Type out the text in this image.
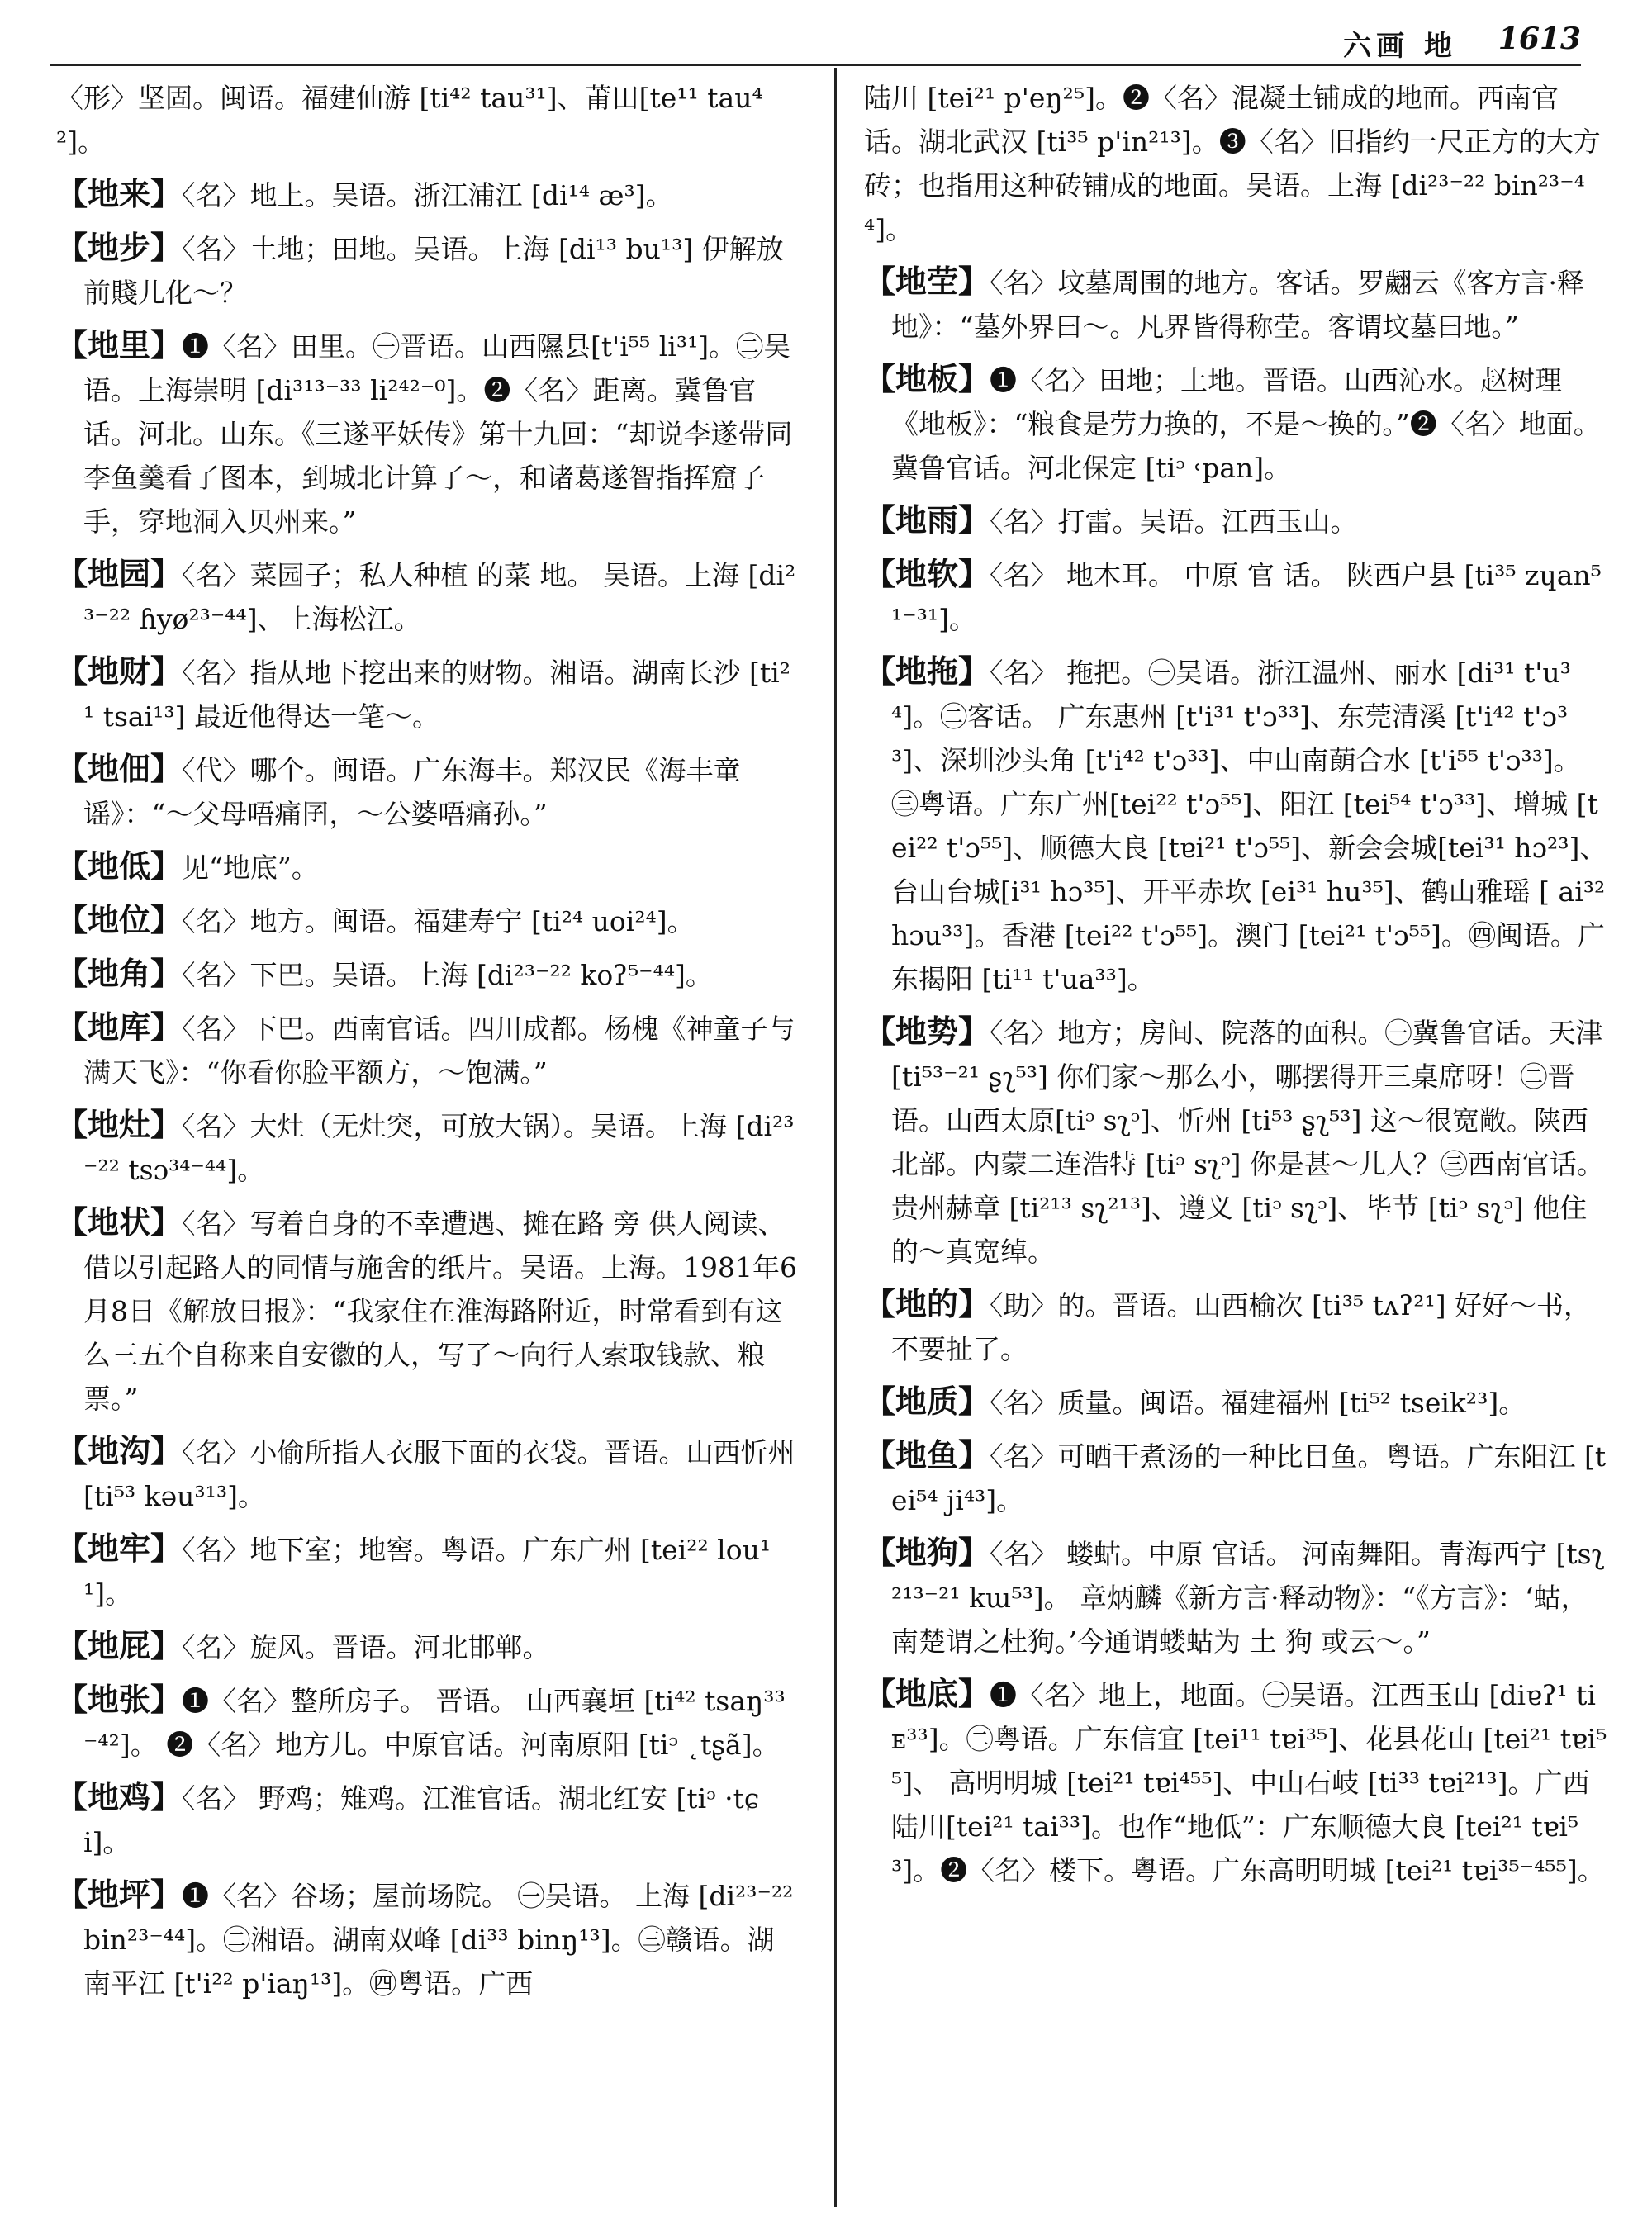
六画 地 1613
〈形〉坚固。闽语。福建仙游 [ti⁴² tau³¹]、莆田[te¹¹ tau⁴²]。
【地来】〈名〉地上。吴语。浙江浦江 [di¹⁴ æ³]。
【地步】〈名〉土地；田地。吴语。上海 [di¹³ bu¹³] 伊解放前賤儿化～？
【地里】❶〈名〉田里。㊀晋语。山西隰县[t'i⁵⁵ li³¹]。㊁吴语。上海崇明 [di³¹³⁻³³ li²⁴²⁻⁰]。❷〈名〉距离。冀鲁官话。河北。山东。《三遂平妖传》第十九回：“却说李遂带同李鱼羹看了图本，到城北计算了～，和诸葛遂智指挥窟子手，穿地洞入贝州来。”
【地园】〈名〉菜园子；私人种植 的菜 地。 吴语。上海 [di²³⁻²² ɦyø²³⁻⁴⁴]、上海松江。
【地财】〈名〉指从地下挖出来的财物。湘语。湖南长沙 [ti²¹ tsai¹³] 最近他得达一笔～。
【地佃】〈代〉哪个。闽语。广东海丰。郑汉民《海丰童谣》：“～父母唔痛囝，～公婆唔痛孙。”
【地低】见“地底”。
【地位】〈名〉地方。闽语。福建寿宁 [ti²⁴ uoi²⁴]。
【地角】〈名〉下巴。吴语。上海 [di²³⁻²² koʔ⁵⁻⁴⁴]。
【地库】〈名〉下巴。西南官话。四川成都。杨槐《神童子与满天飞》：“你看你脸平额方，～饱满。”
【地灶】〈名〉大灶（无灶突，可放大锅）。吴语。上海 [di²³⁻²² tsɔ³⁴⁻⁴⁴]。
【地状】〈名〉写着自身的不幸遭遇、摊在路 旁 供人阅读、借以引起路人的同情与施舍的纸片。吴语。上海。1981年6月8日《解放日报》：“我家住在淮海路附近，时常看到有这么三五个自称来自安徽的人，写了～向行人索取钱款、粮票。”
【地沟】〈名〉小偷所指人衣服下面的衣袋。晋语。山西忻州 [ti⁵³ kəu³¹³]。
【地牢】〈名〉地下室；地窖。粤语。广东广州 [tei²² lou¹¹]。
【地屁】〈名〉旋风。晋语。河北邯郸。
【地张】❶〈名〉整所房子。 晋语。 山西襄垣 [ti⁴² tsaŋ³³⁻⁴²]。 ❷〈名〉地方儿。中原官话。河南原阳 [tiᵓ ˛tʂã]。
【地鸡】〈名〉 野鸡；雉鸡。江淮官话。湖北红安 [tiᵓ ·tɕi]。
【地坪】❶〈名〉谷场；屋前场院。 ㊀吴语。 上海 [di²³⁻²² bin²³⁻⁴⁴]。㊁湘语。湖南双峰 [di³³ binŋ¹³]。㊂赣语。湖南平江 [t'i²² p'iaŋ¹³]。㊃粤语。广西
陆川 [tei²¹ p'eŋ²⁵]。❷〈名〉混凝土铺成的地面。西南官话。湖北武汉 [ti³⁵ p'in²¹³]。❸〈名〉旧指约一尺正方的大方砖；也指用这种砖铺成的地面。吴语。上海 [di²³⁻²² bin²³⁻⁴⁴]。
【地茔】〈名〉坟墓周围的地方。客话。罗翽云《客方言·释地》：“墓外界曰～。凡界皆得称茔。客谓坟墓曰地。”
【地板】❶〈名〉田地；土地。晋语。山西沁水。赵树理《地板》：“粮食是劳力换的，不是～换的。”❷〈名〉地面。冀鲁官话。河北保定 [tiᵓ ˓pan]。
【地雨】〈名〉打雷。吴语。江西玉山。
【地软】〈名〉 地木耳。 中原 官 话。 陕西户县 [ti³⁵ zɥan⁵¹⁻³¹]。
【地拖】〈名〉 拖把。㊀吴语。浙江温州、丽水 [di³¹ t'u³⁴]。㊁客话。 广东惠州 [t'i³¹ t'ɔ³³]、东莞清溪 [t'i⁴² t'ɔ³³]、深圳沙头角 [t'i⁴² t'ɔ³³]、中山南蓢合水 [t'i⁵⁵ t'ɔ³³]。㊂粤语。广东广州[tei²² t'ɔ⁵⁵]、阳江 [tei⁵⁴ t'ɔ³³]、增城 [tei²² t'ɔ⁵⁵]、顺德大良 [tɐi²¹ t'ɔ⁵⁵]、新会会城[tei³¹ hɔ²³]、台山台城[i³¹ hɔ³⁵]、开平赤坎 [ei³¹ hu³⁵]、鹤山雅瑶 [ ai³² hɔu³³]。香港 [tei²² t'ɔ⁵⁵]。澳门 [tei²¹ t'ɔ⁵⁵]。㊃闽语。广东揭阳 [ti¹¹ t'ua³³]。
【地势】〈名〉地方；房间、院落的面积。㊀冀鲁官话。天津 [ti⁵³⁻²¹ ʂʅ⁵³] 你们家～那么小，哪摆得开三桌席呀！㊁晋语。山西太原[tiᵓ sʅᵓ]、忻州 [ti⁵³ ʂʅ⁵³] 这～很宽敞。陕西北部。内蒙二连浩特 [tiᵓ sʅᵓ] 你是甚～儿人？㊂西南官话。贵州赫章 [ti²¹³ sʅ²¹³]、遵义 [tiᵓ sʅᵓ]、毕节 [tiᵓ sʅᵓ] 他住的～真宽绰。
【地的】〈助〉的。晋语。山西榆次 [ti³⁵ tʌʔ²¹] 好好～书，不要扯了。
【地质】〈名〉质量。闽语。福建福州 [ti⁵² tseik²³]。
【地鱼】〈名〉可晒干煮汤的一种比目鱼。粤语。广东阳江 [tei⁵⁴ ji⁴³]。
【地狗】〈名〉 蝼蛄。中原 官话。 河南舞阳。青海西宁 [tsʅ²¹³⁻²¹ kɯ⁵³]。 章炳麟《新方言·释动物》：“《方言》：‘蛄，南楚谓之杜狗。’今通谓蝼蛄为 土 狗 或云～。”
【地底】❶〈名〉地上，地面。㊀吴语。江西玉山 [diɐʔ¹ tiᴇ³³]。㊁粤语。广东信宜 [tei¹¹ tɐi³⁵]、花县花山 [tei²¹ tɐi⁵⁵]、 高明明城 [tei²¹ tɐi⁴⁵⁵]、中山石岐 [ti³³ tɐi²¹³]。广西陆川[tei²¹ tai³³]。也作“地低”：广东顺德大良 [tei²¹ tɐi⁵³]。❷〈名〉楼下。粤语。广东高明明城 [tei²¹ tɐi³⁵⁻⁴⁵⁵]。
